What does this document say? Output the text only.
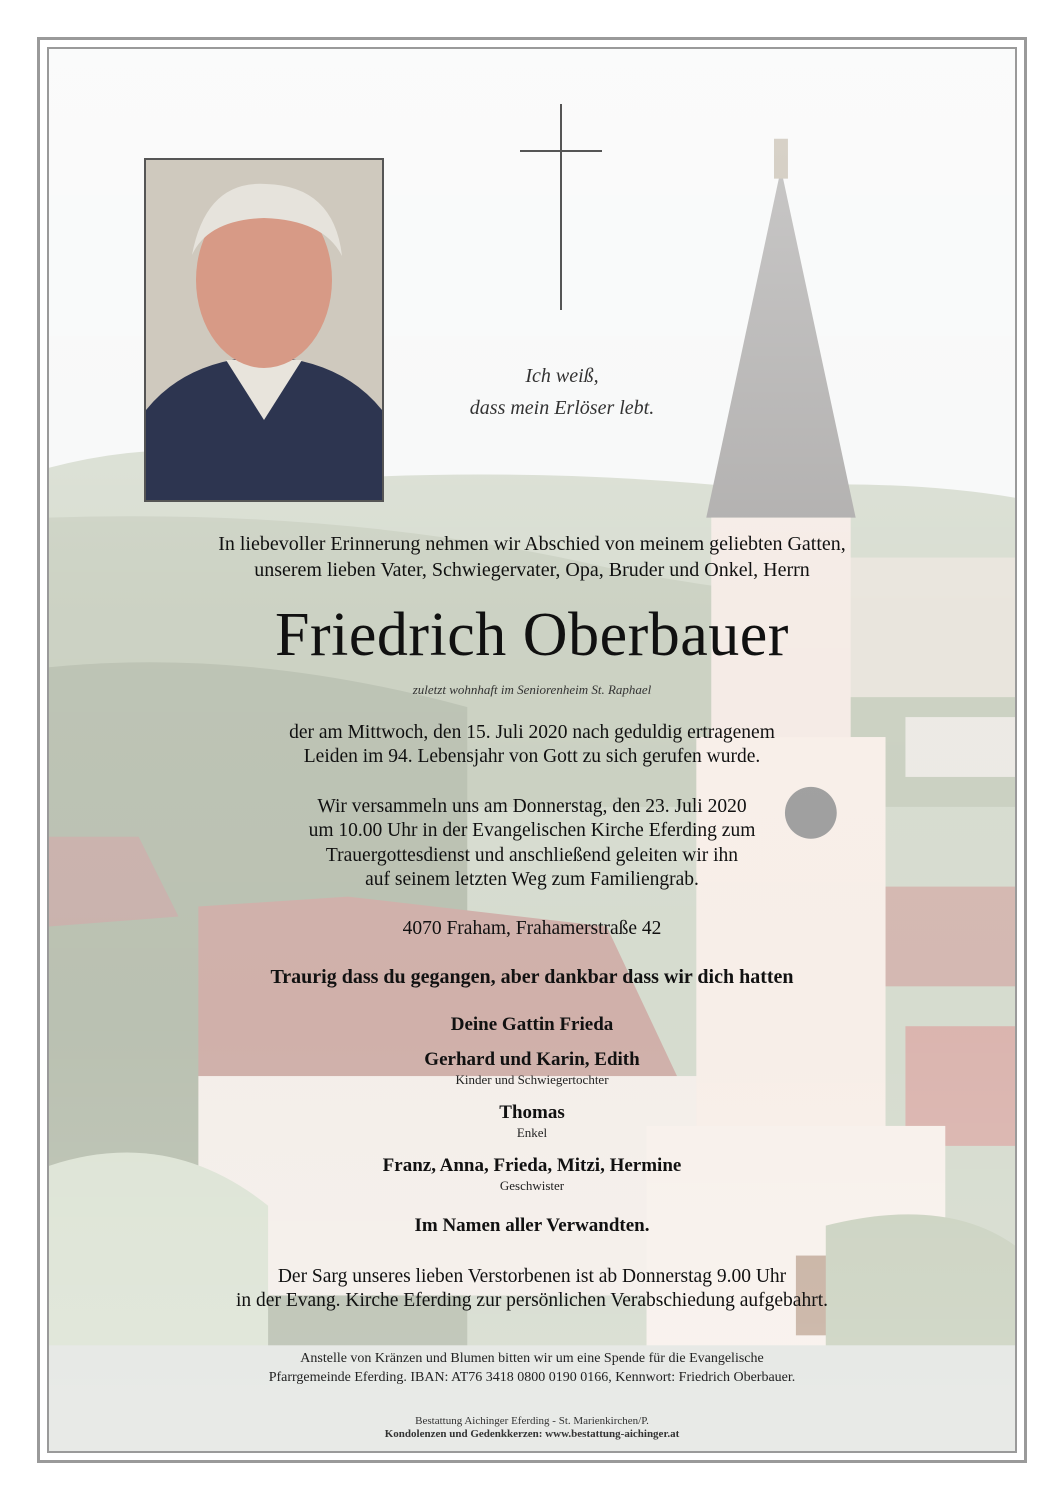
Ich weiß,
dass mein Erlöser lebt.
In liebevoller Erinnerung nehmen wir Abschied von meinem geliebten Gatten,
unserem lieben Vater, Schwiegervater, Opa, Bruder und Onkel, Herrn
Friedrich Oberbauer
zuletzt wohnhaft im Seniorenheim St. Raphael
der am Mittwoch, den 15. Juli 2020 nach geduldig ertragenem
Leiden im 94. Lebensjahr von Gott zu sich gerufen wurde.
Wir versammeln uns am Donnerstag, den 23. Juli 2020
um 10.00 Uhr in der Evangelischen Kirche Eferding zum
Trauergottesdienst und anschließend geleiten wir ihn
auf seinem letzten Weg zum Familiengrab.
4070 Fraham, Frahamerstraße 42
Traurig dass du gegangen, aber dankbar dass wir dich hatten
Deine Gattin Frieda
Gerhard und Karin, Edith
Kinder und Schwiegertochter
Thomas
Enkel
Franz, Anna, Frieda, Mitzi, Hermine
Geschwister
Im Namen aller Verwandten.
Der Sarg unseres lieben Verstorbenen ist ab Donnerstag 9.00 Uhr
in der Evang. Kirche Eferding zur persönlichen Verabschiedung aufgebahrt.
Anstelle von Kränzen und Blumen bitten wir um eine Spende für die Evangelische
Pfarrgemeinde Eferding. IBAN: AT76 3418 0800 0190 0166, Kennwort: Friedrich Oberbauer.
Bestattung Aichinger Eferding - St. Marienkirchen/P.
Kondolenzen und Gedenkkerzen: www.bestattung-aichinger.at
